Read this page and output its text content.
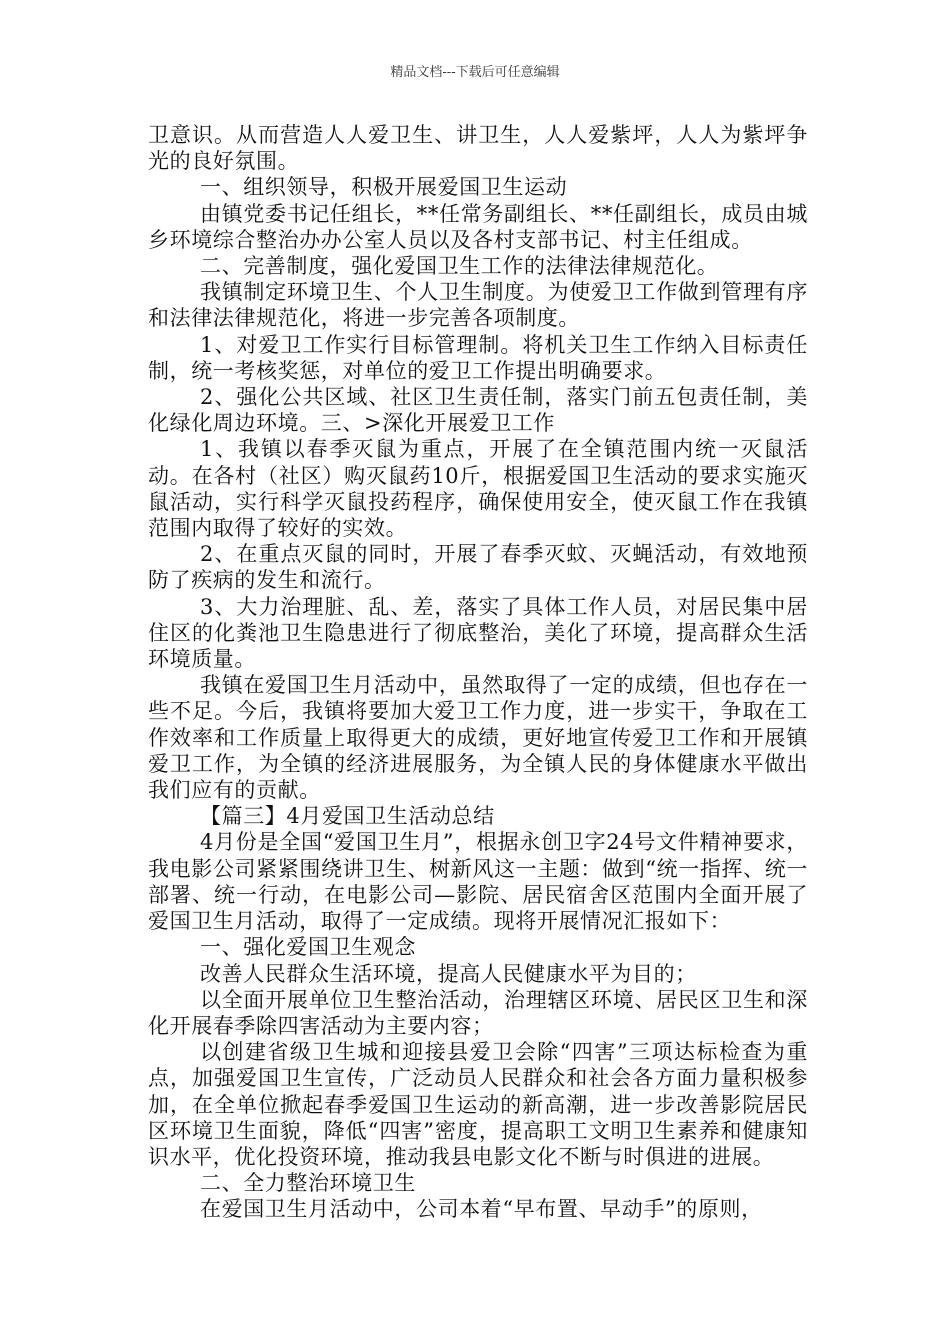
精品文档---下载后可任意编辑

卫意识。从而营造人人爱卫生、讲卫生，人人爱紫坪，人人为紫坪争光的良好氛围。

一、组织领导，积极开展爱国卫生运动

由镇党委书记任组长，**任常务副组长、**任副组长，成员由城乡环境综合整治办办公室人员以及各村支部书记、村主任组成。

二、完善制度，强化爱国卫生工作的法律法律规范化。

我镇制定环境卫生、个人卫生制度。为使爱卫工作做到管理有序和法律法律规范化，将进一步完善各项制度。

1、对爱卫工作实行目标管理制。将机关卫生工作纳入目标责任制，统一考核奖惩，对单位的爱卫工作提出明确要求。

2、强化公共区域、社区卫生责任制，落实门前五包责任制，美化绿化周边环境。三、>深化开展爱卫工作

1、我镇以春季灭鼠为重点，开展了在全镇范围内统一灭鼠活动。在各村（社区）购灭鼠药10斤，根据爱国卫生活动的要求实施灭鼠活动，实行科学灭鼠投药程序，确保使用安全，使灭鼠工作在我镇范围内取得了较好的实效。

2、在重点灭鼠的同时，开展了春季灭蚊、灭蝇活动，有效地预防了疾病的发生和流行。

3、大力治理脏、乱、差，落实了具体工作人员，对居民集中居住区的化粪池卫生隐患进行了彻底整治，美化了环境，提高群众生活环境质量。

我镇在爱国卫生月活动中，虽然取得了一定的成绩，但也存在一些不足。今后，我镇将要加大爱卫工作力度，进一步实干，争取在工作效率和工作质量上取得更大的成绩，更好地宣传爱卫工作和开展镇爱卫工作，为全镇的经济进展服务，为全镇人民的身体健康水平做出我们应有的贡献。

【篇三】4月爱国卫生活动总结

4月份是全国“爱国卫生月”，根据永创卫字24号文件精神要求，我电影公司紧紧围绕讲卫生、树新风这一主题：做到“统一指挥、统一部署、统一行动，在电影公司—影院、居民宿舍区范围内全面开展了爱国卫生月活动，取得了一定成绩。现将开展情况汇报如下：

一、强化爱国卫生观念

改善人民群众生活环境，提高人民健康水平为目的；

以全面开展单位卫生整治活动，治理辖区环境、居民区卫生和深化开展春季除四害活动为主要内容；

以创建省级卫生城和迎接县爱卫会除“四害”三项达标检查为重点，加强爱国卫生宣传，广泛动员人民群众和社会各方面力量积极参加，在全单位掀起春季爱国卫生运动的新高潮，进一步改善影院居民区环境卫生面貌，降低“四害”密度，提高职工文明卫生素养和健康知识水平，优化投资环境，推动我县电影文化不断与时俱进的进展。

二、全力整治环境卫生

在爱国卫生月活动中，公司本着“早布置、早动手”的原则，
